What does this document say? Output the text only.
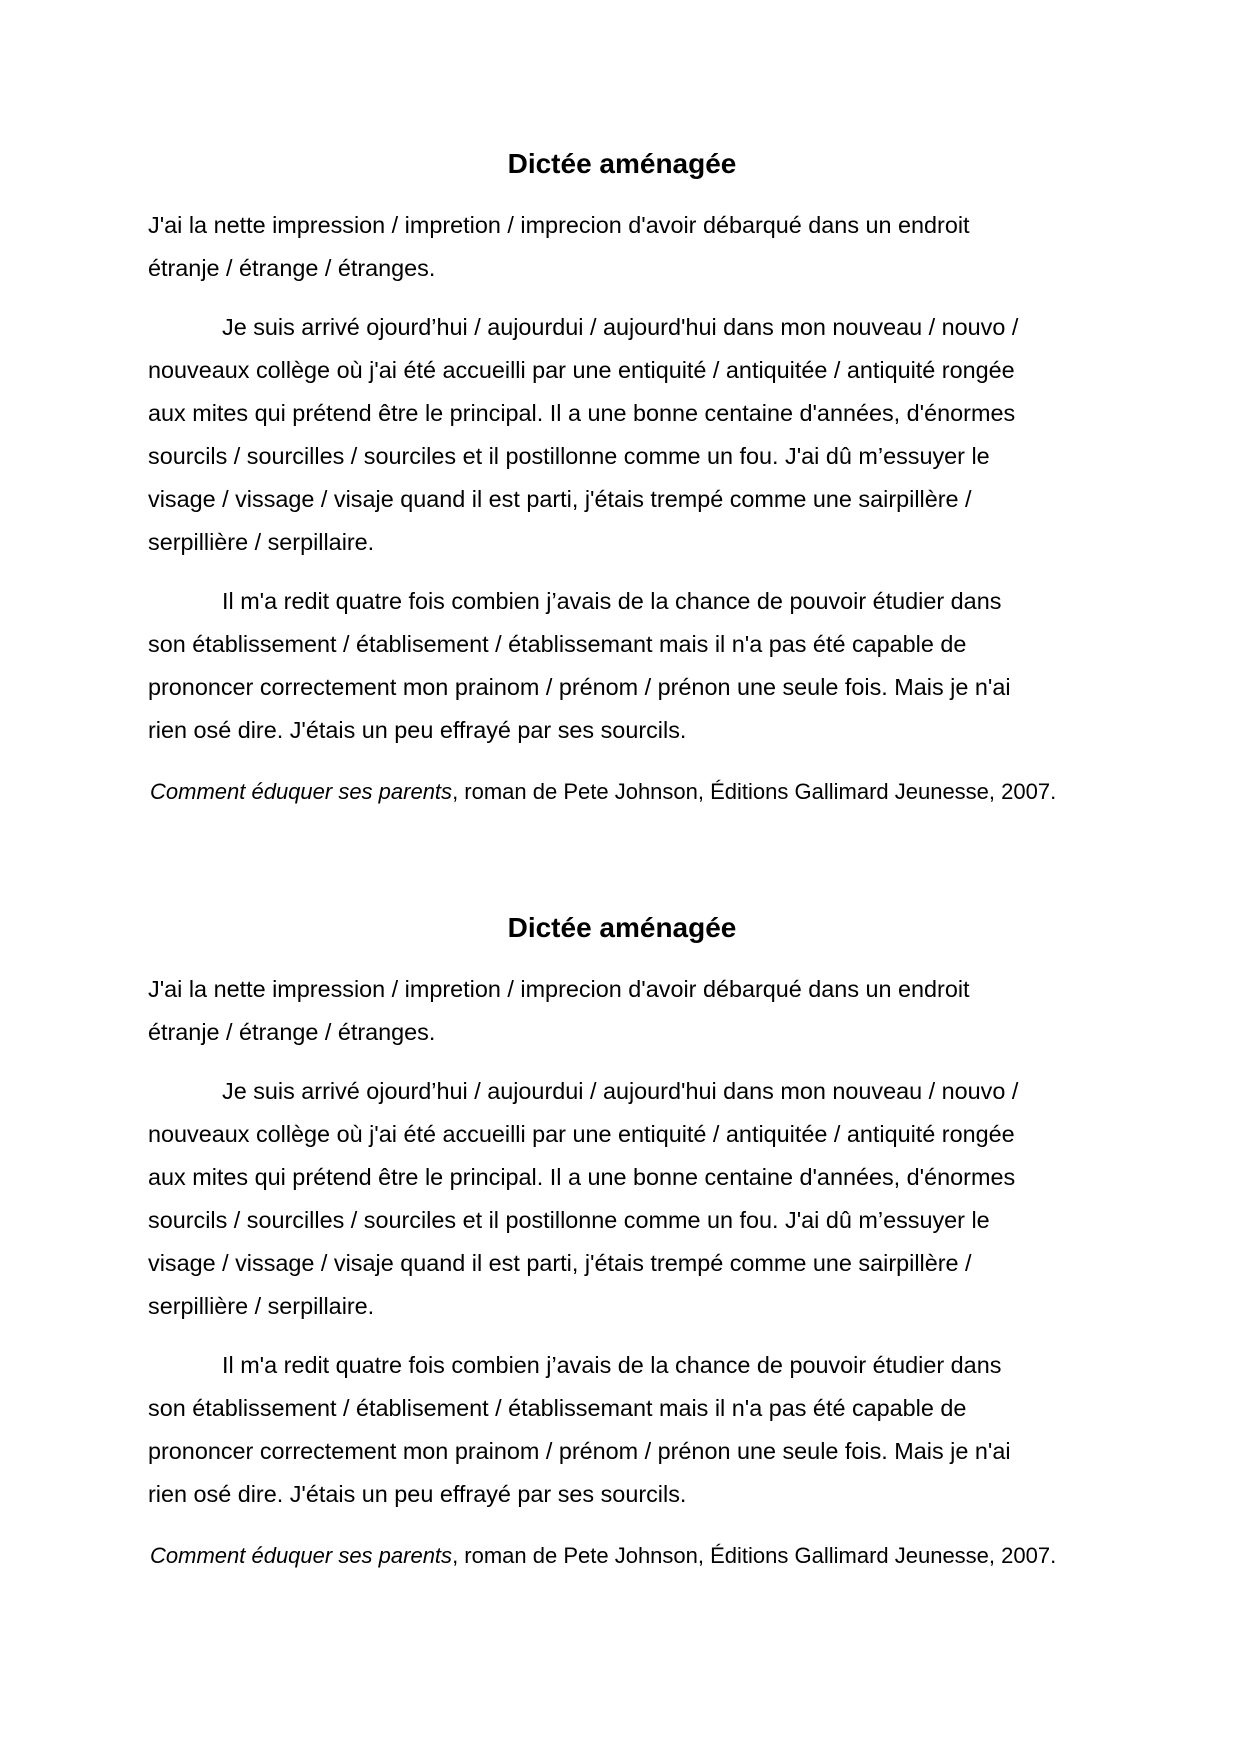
Dictée aménagée

J'ai la nette impression / impretion / imprecion d'avoir débarqué dans un endroit

étranje / étrange / étranges.

Je suis arrivé ojourd’hui / aujourdui / aujourd'hui dans mon nouveau / nouvo /

nouveaux collège où j'ai été accueilli par une entiquité / antiquitée / antiquité rongée

aux mites qui prétend être le principal. Il a une bonne centaine d'années, d'énormes

sourcils / sourcilles / sourciles et il postillonne comme un fou. J'ai dû m’essuyer le

visage / vissage / visaje quand il est parti, j'étais trempé comme une sairpillère /

serpillière / serpillaire.

Il m'a redit quatre fois combien j’avais de la chance de pouvoir étudier dans

son établissement / établisement / établissemant mais il n'a pas été capable de

prononcer correctement mon prainom / prénom / prénon une seule fois. Mais je n'ai

rien osé dire. J'étais un peu effrayé par ses sourcils.

Comment éduquer ses parents, roman de Pete Johnson, Éditions Gallimard Jeunesse, 2007.

Dictée aménagée

J'ai la nette impression / impretion / imprecion d'avoir débarqué dans un endroit

étranje / étrange / étranges.

Je suis arrivé ojourd’hui / aujourdui / aujourd'hui dans mon nouveau / nouvo /

nouveaux collège où j'ai été accueilli par une entiquité / antiquitée / antiquité rongée

aux mites qui prétend être le principal. Il a une bonne centaine d'années, d'énormes

sourcils / sourcilles / sourciles et il postillonne comme un fou. J'ai dû m’essuyer le

visage / vissage / visaje quand il est parti, j'étais trempé comme une sairpillère /

serpillière / serpillaire.

Il m'a redit quatre fois combien j’avais de la chance de pouvoir étudier dans

son établissement / établisement / établissemant mais il n'a pas été capable de

prononcer correctement mon prainom / prénom / prénon une seule fois. Mais je n'ai

rien osé dire. J'étais un peu effrayé par ses sourcils.

Comment éduquer ses parents, roman de Pete Johnson, Éditions Gallimard Jeunesse, 2007.
